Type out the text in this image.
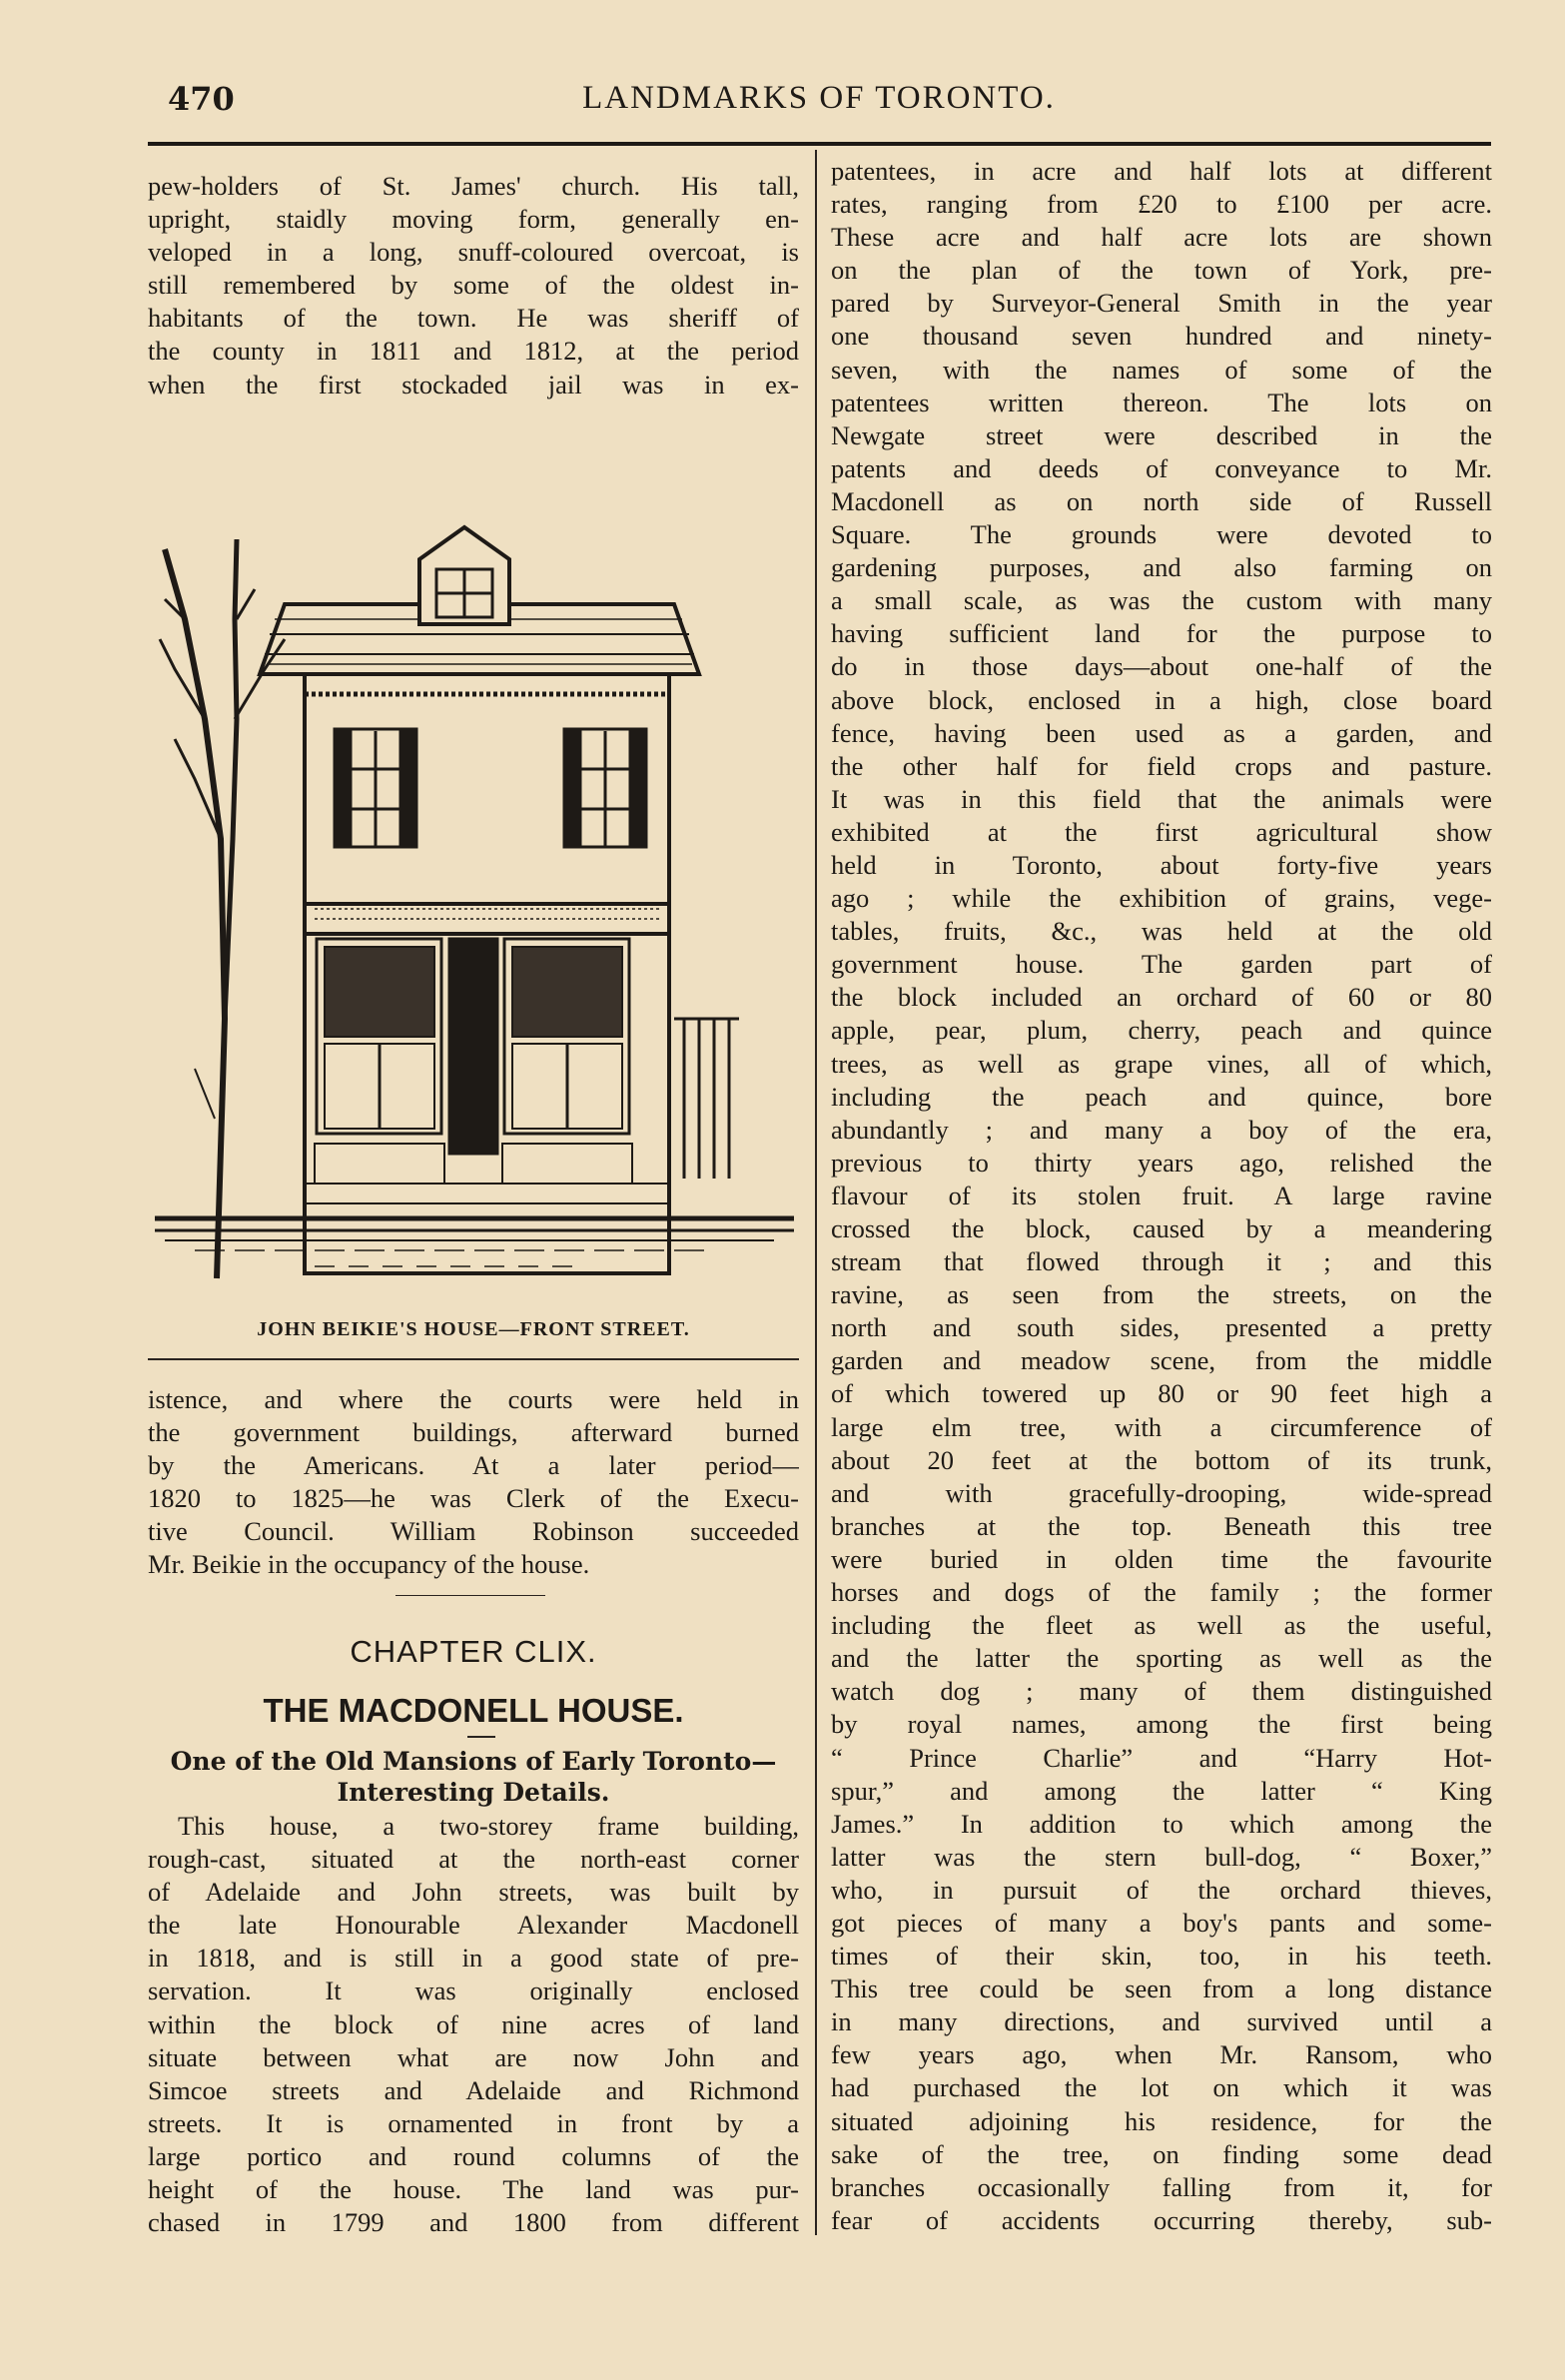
470	LANDMARKS OF TORONTO.
pew-holders of St. James' church. His tall,
upright, staidly moving form, generally en-
veloped in a long, snuff-coloured overcoat, is
still remembered by some of the oldest in-
habitants of the town. He was sheriff of
the county in 1811 and 1812, at the period
when the first stockaded jail was in ex-
JOHN BEIKIE'S HOUSE—FRONT STREET.
istence, and where the courts were held in
the government buildings, afterward burned
by the Americans. At a later period—
1820 to 1825—he was Clerk of the Execu-
tive Council. William Robinson succeeded
Mr. Beikie in the occupancy of the house.
CHAPTER CLIX.
THE MACDONELL HOUSE.
One of the Old Mansions of Early Toronto—
Interesting Details.
This house, a two-storey frame building,
rough-cast, situated at the north-east corner
of Adelaide and John streets, was built by
the late Honourable Alexander Macdonell
in 1818, and is still in a good state of pre-
servation. It was originally enclosed
within the block of nine acres of land
situate between what are now John and
Simcoe streets and Adelaide and Richmond
streets. It is ornamented in front by a
large portico and round columns of the
height of the house. The land was pur-
chased in 1799 and 1800 from different
patentees, in acre and half lots at different
rates, ranging from £20 to £100 per acre.
These acre and half acre lots are shown
on the plan of the town of York, pre-
pared by Surveyor-General Smith in the year
one thousand seven hundred and ninety-
seven, with the names of some of the
patentees written thereon. The lots on
Newgate street were described in the
patents and deeds of conveyance to Mr.
Macdonell as on north side of Russell
Square. The grounds were devoted to
gardening purposes, and also farming on
a small scale, as was the custom with many
having sufficient land for the purpose to
do in those days—about one-half of the
above block, enclosed in a high, close board
fence, having been used as a garden, and
the other half for field crops and pasture.
It was in this field that the animals were
exhibited at the first agricultural show
held in Toronto, about forty-five years
ago ; while the exhibition of grains, vege-
tables, fruits, &c., was held at the old
government house. The garden part of
the block included an orchard of 60 or 80
apple, pear, plum, cherry, peach and quince
trees, as well as grape vines, all of which,
including the peach and quince, bore
abundantly ; and many a boy of the era,
previous to thirty years ago, relished the
flavour of its stolen fruit. A large ravine
crossed the block, caused by a meandering
stream that flowed through it ; and this
ravine, as seen from the streets, on the
north and south sides, presented a pretty
garden and meadow scene, from the middle
of which towered up 80 or 90 feet high a
large elm tree, with a circumference of
about 20 feet at the bottom of its trunk,
and with gracefully-drooping, wide-spread
branches at the top. Beneath this tree
were buried in olden time the favourite
horses and dogs of the family ; the former
including the fleet as well as the useful,
and the latter the sporting as well as the
watch dog ; many of them distinguished
by royal names, among the first being
“ Prince Charlie” and “Harry Hot-
spur,” and among the latter “ King
James.” In addition to which among the
latter was the stern bull-dog, “ Boxer,”
who, in pursuit of the orchard thieves,
got pieces of many a boy's pants and some-
times of their skin, too, in his teeth.
This tree could be seen from a long distance
in many directions, and survived until a
few years ago, when Mr. Ransom, who
had purchased the lot on which it was
situated adjoining his residence, for the
sake of the tree, on finding some dead
branches occasionally falling from it, for
fear of accidents occurring thereby, sub-
